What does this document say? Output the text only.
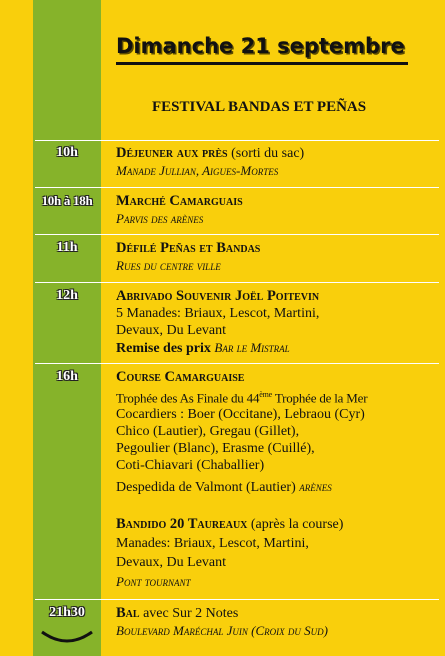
Dimanche 21 septembre
FESTIVAL BANDAS ET PEÑAS
10h	Déjeuner aux près (sorti du sac)
Manade Jullian, Aigues-Mortes
10h à 18h	Marché Camarguais
Parvis des arènes
11h	Défilé Peñas et Bandas
Rues du centre ville
12h	Abrivado Souvenir Joël Poitevin
5 Manades: Briaux, Lescot, Martini,
Devaux, Du Levant
Remise des prix Bar le Mistral
16h	Course Camarguaise
Trophée des As Finale du 44ème Trophée de la Mer
Cocardiers : Boer (Occitane), Lebraou (Cyr)
Chico (Lautier), Gregau (Gillet),
Pegoulier (Blanc), Erasme (Cuillé),
Coti-Chiavari (Chaballier)
Despedida de Valmont (Lautier) arènes
Bandido 20 Taureaux (après la course)
Manades: Briaux, Lescot, Martini,
Devaux, Du Levant
Pont tournant
21h30	Bal avec Sur 2 Notes
Boulevard Maréchal Juin (Croix du Sud)
